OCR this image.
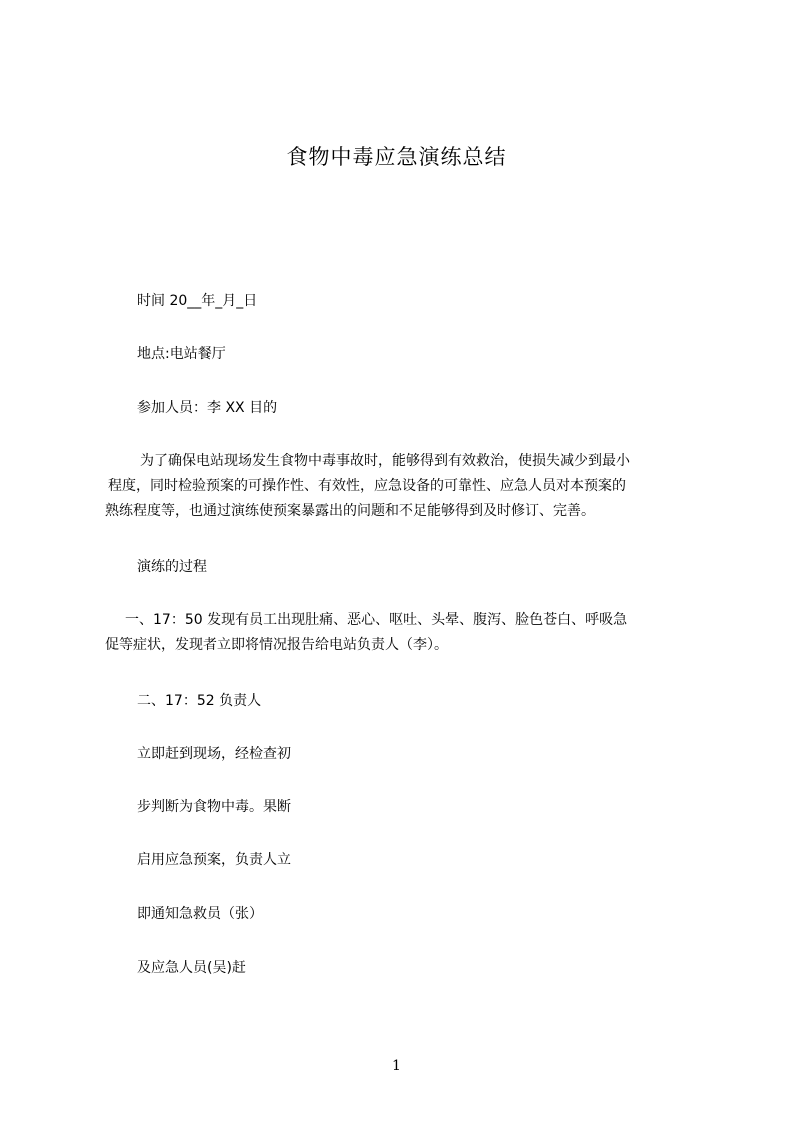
食物中毒应急演练总结
时间 20__年_月_日
地点:电站餐厅
参加人员：李 XX 目的
为了确保电站现场发生食物中毒事故时，能够得到有效救治，使损失减少到最小
程度，同时检验预案的可操作性、有效性，应急设备的可靠性、应急人员对本预案的
熟练程度等，也通过演练使预案暴露出的问题和不足能够得到及时修订、完善。
演练的过程
一、17：50 发现有员工出现肚痛、恶心、呕吐、头晕、腹泻、脸色苍白、呼吸急
促等症状，发现者立即将情况报告给电站负责人（李）。
二、17：52 负责人
立即赶到现场，经检查初
步判断为食物中毒。果断
启用应急预案，负责人立
即通知急救员（张）
及应急人员(吴)赶
1
